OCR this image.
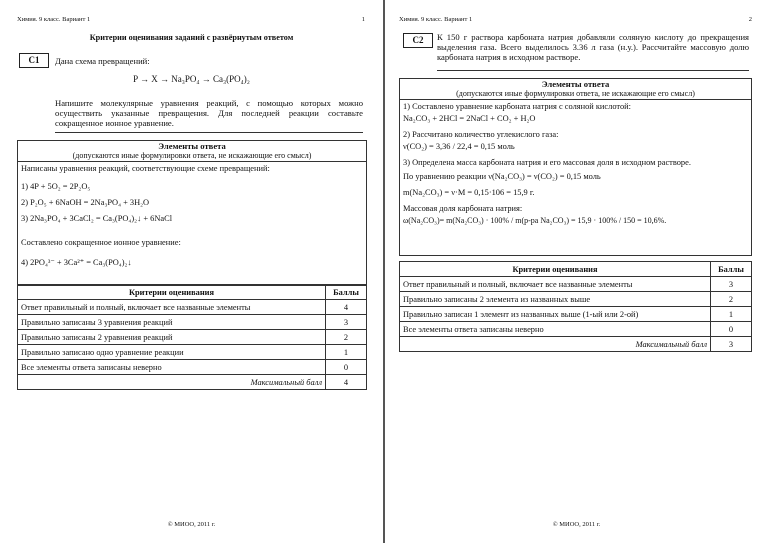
Химия. 9 класс. Вариант 1	1
Критерии оценивания заданий с развёрнутым ответом
С1	Дана схема превращений:
P → X → Na₃PO₄ → Ca₃(PO₄)₂
Напишите молекулярные уравнения реакций, с помощью которых можно осуществить указанные превращения. Для последней реакции составьте сокращенное ионное уравнение.
Элементы ответа
(допускаются иные формулировки ответа, не искажающие его смысл)
Написаны уравнения реакций, соответствующие схеме превращений:
1) 4P + 5O₂ = 2P₂O₅
2) P₂O₅ + 6NaOH = 2Na₃PO₄ + 3H₂O
3) 2Na₃PO₄ + 3CaCl₂ = Ca₃(PO₄)₂↓ + 6NaCl
Составлено сокращенное ионное уравнение:
4) 2PO₄³⁻ + 3Ca²⁺ = Ca₃(PO₄)₂↓
Критерии оценивания	Баллы
Ответ правильный и полный, включает все названные элементы	4
Правильно записаны 3 уравнения реакций	3
Правильно записаны 2 уравнения реакций	2
Правильно записано одно уравнение реакции	1
Все элементы ответа записаны неверно	0
Максимальный балл	4
© МИОО, 2011 г.
Химия. 9 класс. Вариант 1	2
С2	К 150 г раствора карбоната натрия добавляли соляную кислоту до прекращения выделения газа. Всего выделилось 3.36 л газа (н.у.). Рассчитайте массовую долю карбоната натрия в исходном растворе.
Элементы ответа
(допускаются иные формулировки ответа, не искажающие его смысл)
1) Составлено уравнение карбоната натрия с соляной кислотой:
Na₂CO₃ + 2HCl = 2NaCl + CO₂ + H₂O
2) Рассчитано количество углекислого газа:
ν(CO₂) = 3,36 / 22,4 = 0,15 моль
3) Определена масса карбоната натрия и его массовая доля в исходном растворе.
По уравнению реакции ν(Na₂CO₃) = ν(CO₂) = 0,15 моль
m(Na₂CO₃) = ν·M = 0,15·106 = 15,9 г.
Массовая доля карбоната натрия:
ω(Na₂CO₃)= m(Na₂CO₃) · 100% / m(р-ра Na₂CO₃) = 15,9 · 100% / 150 = 10,6%.
Критерии оценивания	Баллы
Ответ правильный и полный, включает все названные элементы	3
Правильно записаны 2 элемента из названных выше	2
Правильно записан 1 элемент из названных выше (1-ый или 2-ой)	1
Все элементы ответа записаны неверно	0
Максимальный балл	3
© МИОО, 2011 г.
